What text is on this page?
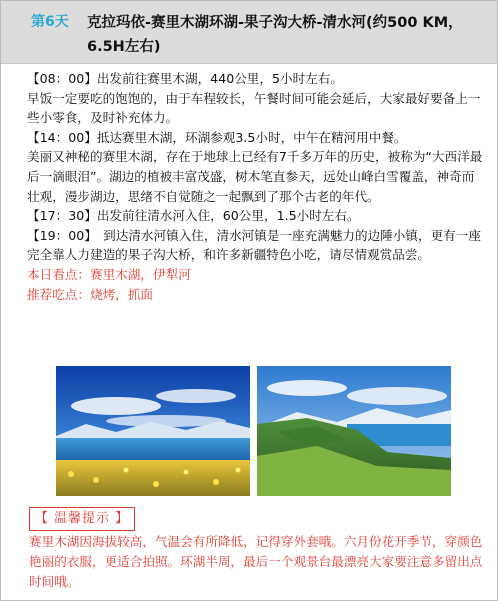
第6天 克拉玛依-赛里木湖环湖-果子沟大桥-清水河(约500 KM，6.5H左右)

【08：00】出发前往赛里木湖，440公里，5小时左右。

早饭一定要吃的饱饱的，由于车程较长，午餐时间可能会延后，大家最好要备上一些小零食，及时补充体力。

【14：00】抵达赛里木湖，环湖参观3.5小时，中午在精河用中餐。

美丽又神秘的赛里木湖，存在于地球上已经有7千多万年的历史，被称为“大西洋最后一滴眼泪”。湖边的植被丰富茂盛，树木笔直参天，远处山峰白雪覆盖，神奇而壮观，漫步湖边，思绪不自觉随之一起飘到了那个古老的年代。

【17：30】出发前往清水河入住，60公里，1.5小时左右。

【19：00】　到达清水河镇入住，清水河镇是一座充满魅力的边陲小镇，更有一座完全靠人力建造的果子沟大桥，和许多新疆特色小吃，请尽情观赏品尝。

本日看点：赛里木湖，伊犁河

推荐吃点：烧烤，抓面

【 温馨提示 】
赛里木湖因海拔较高，气温会有所降低，记得穿外套哦。六月份花开季节，穿颜色艳丽的衣服，更适合拍照。环湖半周，最后一个观景台最漂亮大家要注意多留出点时间哦。
